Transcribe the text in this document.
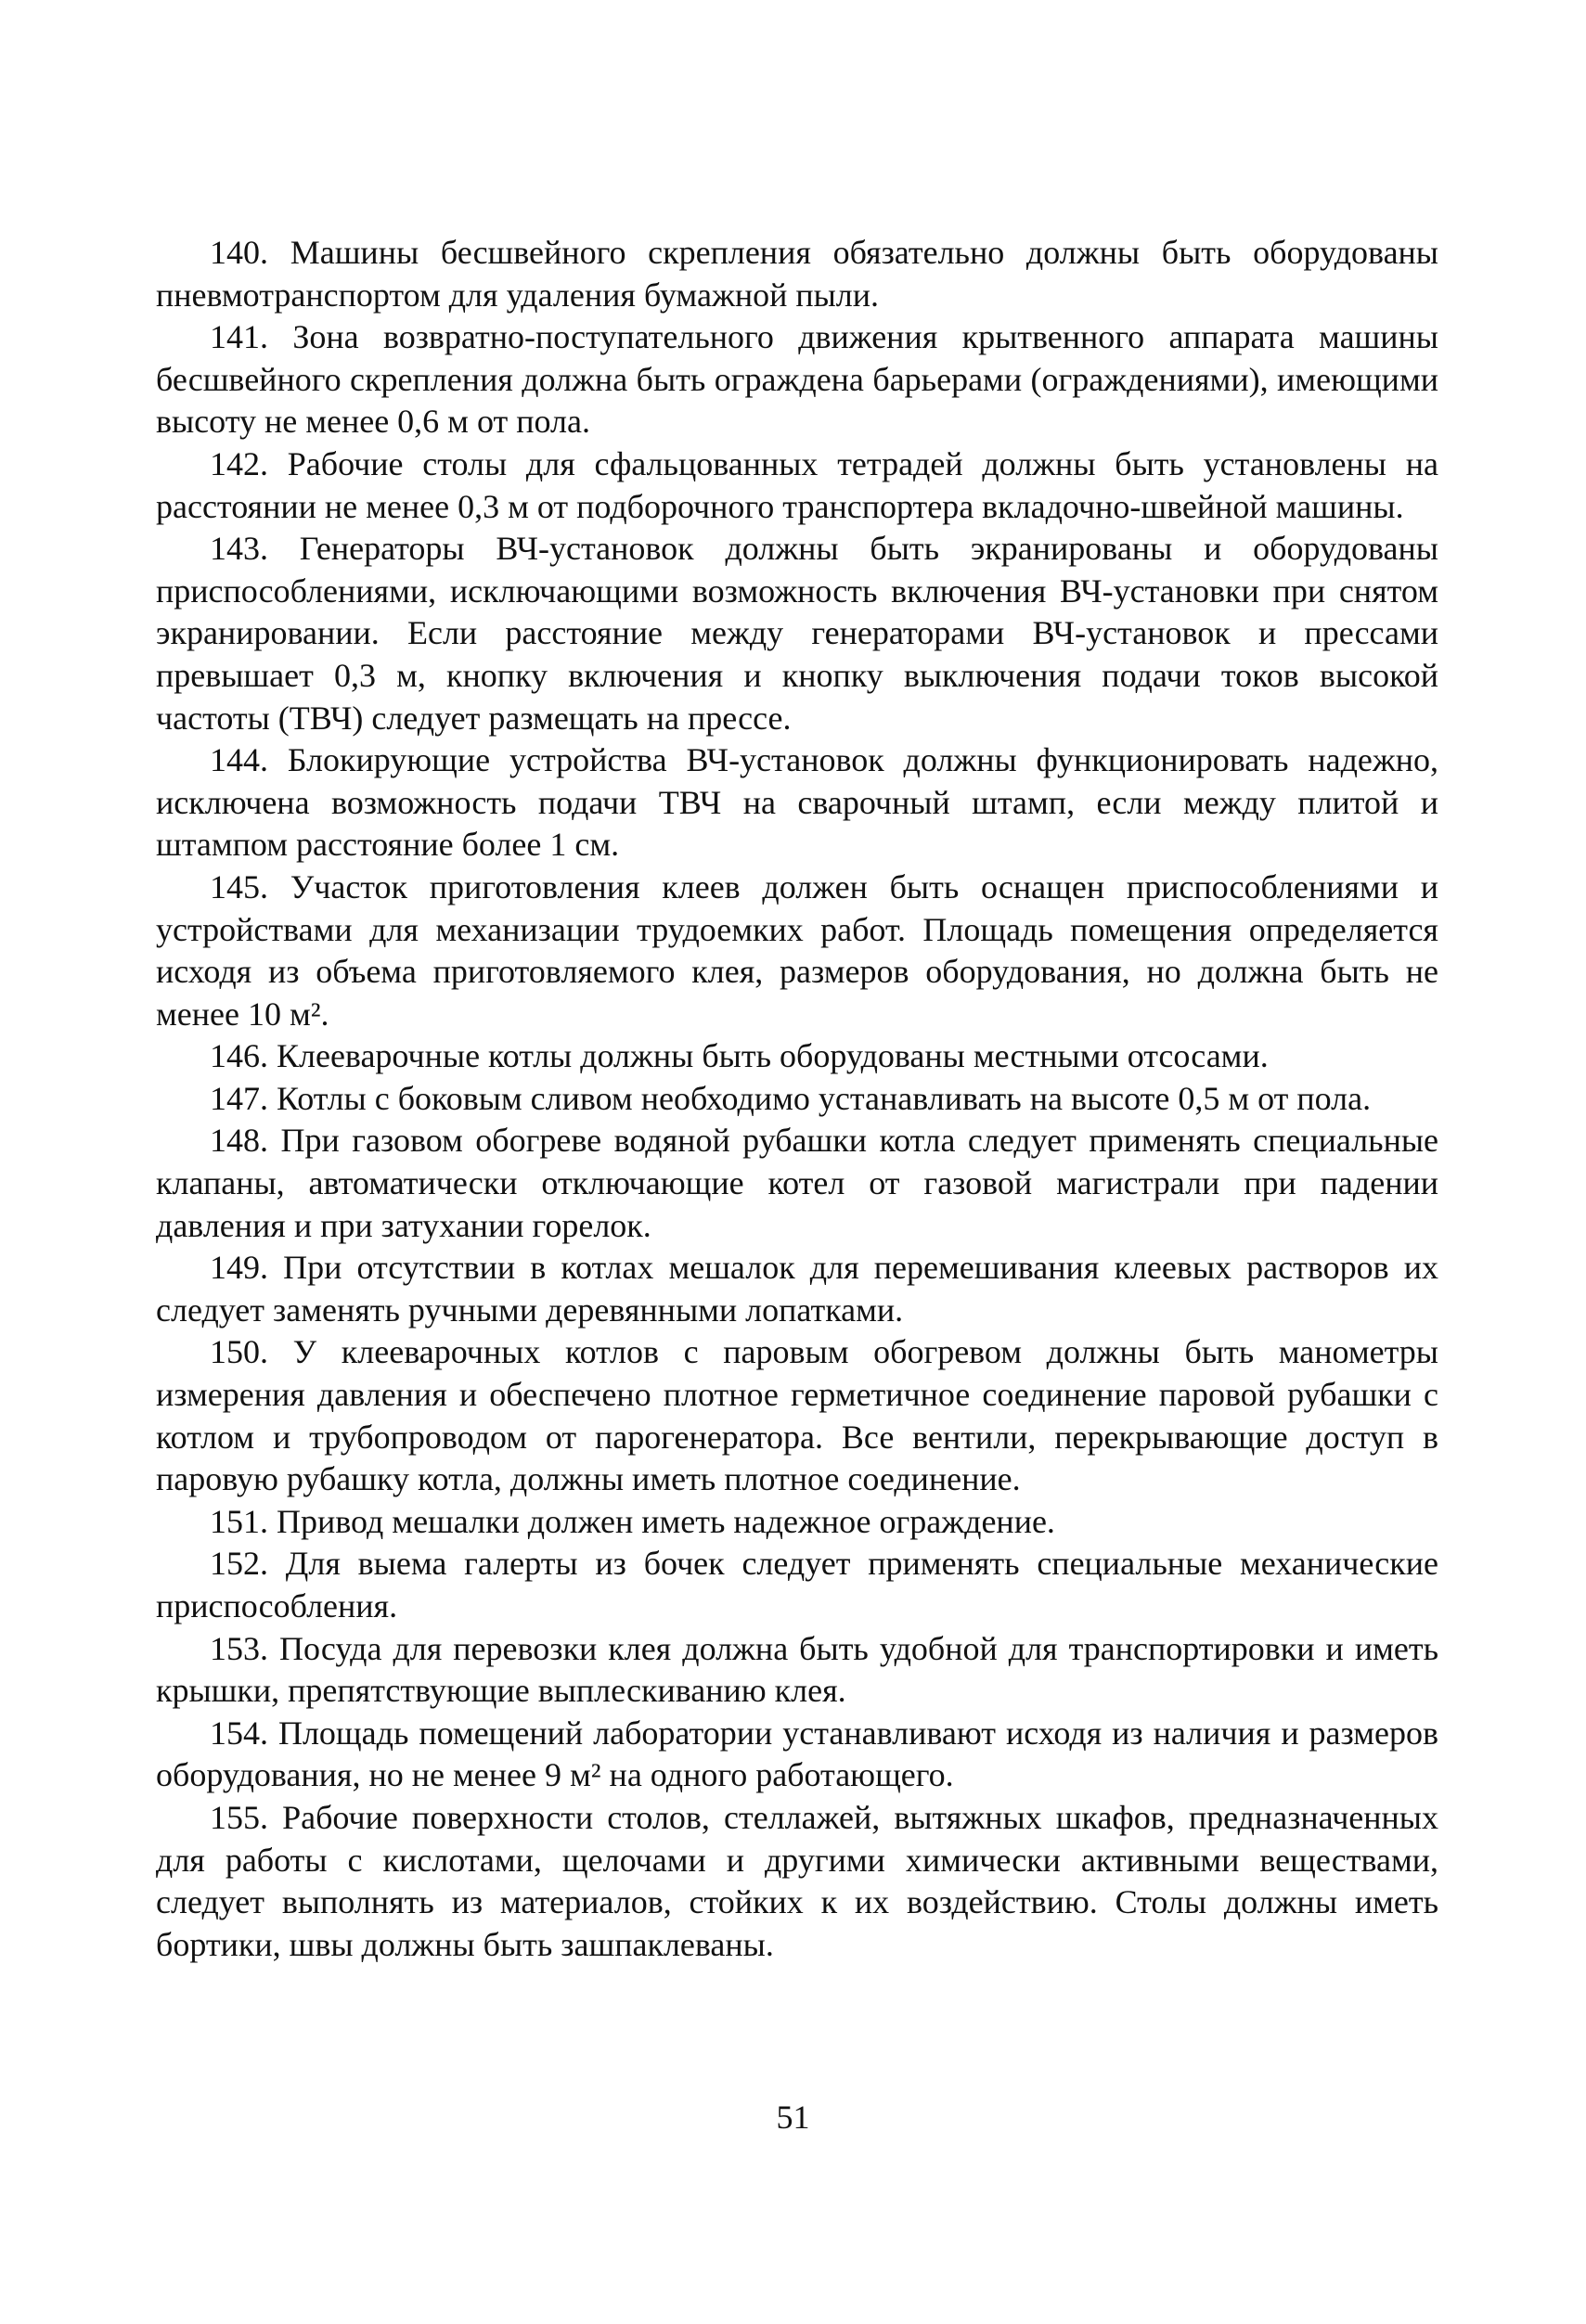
140. Машины бесшвейного скрепления обязательно должны быть оборудованы пневмотранспортом для удаления бумажной пыли.

141. Зона возвратно-поступательного движения крытвенного аппарата машины бесшвейного скрепления должна быть ограждена барьерами (ограждениями), имеющими высоту не менее 0,6 м от пола.

142. Рабочие столы для сфальцованных тетрадей должны быть установлены на расстоянии не менее 0,3 м от подборочного транспортера вкладочно-швейной машины.

143. Генераторы ВЧ-установок должны быть экранированы и оборудованы приспособлениями, исключающими возможность включения ВЧ-установки при снятом экранировании. Если расстояние между генераторами ВЧ-установок и прессами превышает 0,3 м, кнопку включения и кнопку выключения подачи токов высокой частоты (ТВЧ) следует размещать на прессе.

144. Блокирующие устройства ВЧ-установок должны функционировать надежно, исключена возможность подачи ТВЧ на сварочный штамп, если между плитой и штампом расстояние более 1 см.

145. Участок приготовления клеев должен быть оснащен приспособлениями и устройствами для механизации трудоемких работ. Площадь помещения определяется исходя из объема приготовляемого клея, размеров оборудования, но должна быть не менее 10 м².

146. Клееварочные котлы должны быть оборудованы местными отсосами.

147. Котлы с боковым сливом необходимо устанавливать на высоте 0,5 м от пола.

148. При газовом обогреве водяной рубашки котла следует применять специальные клапаны, автоматически отключающие котел от газовой магистрали при падении давления и при затухании горелок.

149. При отсутствии в котлах мешалок для перемешивания клеевых растворов их следует заменять ручными деревянными лопатками.

150. У клееварочных котлов с паровым обогревом должны быть манометры измерения давления и обеспечено плотное герметичное соединение паровой рубашки с котлом и трубопроводом от парогенератора. Все вентили, перекрывающие доступ в паровую рубашку котла, должны иметь плотное соединение.

151. Привод мешалки должен иметь надежное ограждение.

152. Для выема галерты из бочек следует применять специальные механические приспособления.

153. Посуда для перевозки клея должна быть удобной для транспортировки и иметь крышки, препятствующие выплескиванию клея.

154. Площадь помещений лаборатории устанавливают исходя из наличия и размеров оборудования, но не менее 9 м² на одного работающего.

155. Рабочие поверхности столов, стеллажей, вытяжных шкафов, предназначенных для работы с кислотами, щелочами и другими химически активными веществами, следует выполнять из материалов, стойких к их воздействию. Столы должны иметь бортики, швы должны быть зашпаклеваны.

51
